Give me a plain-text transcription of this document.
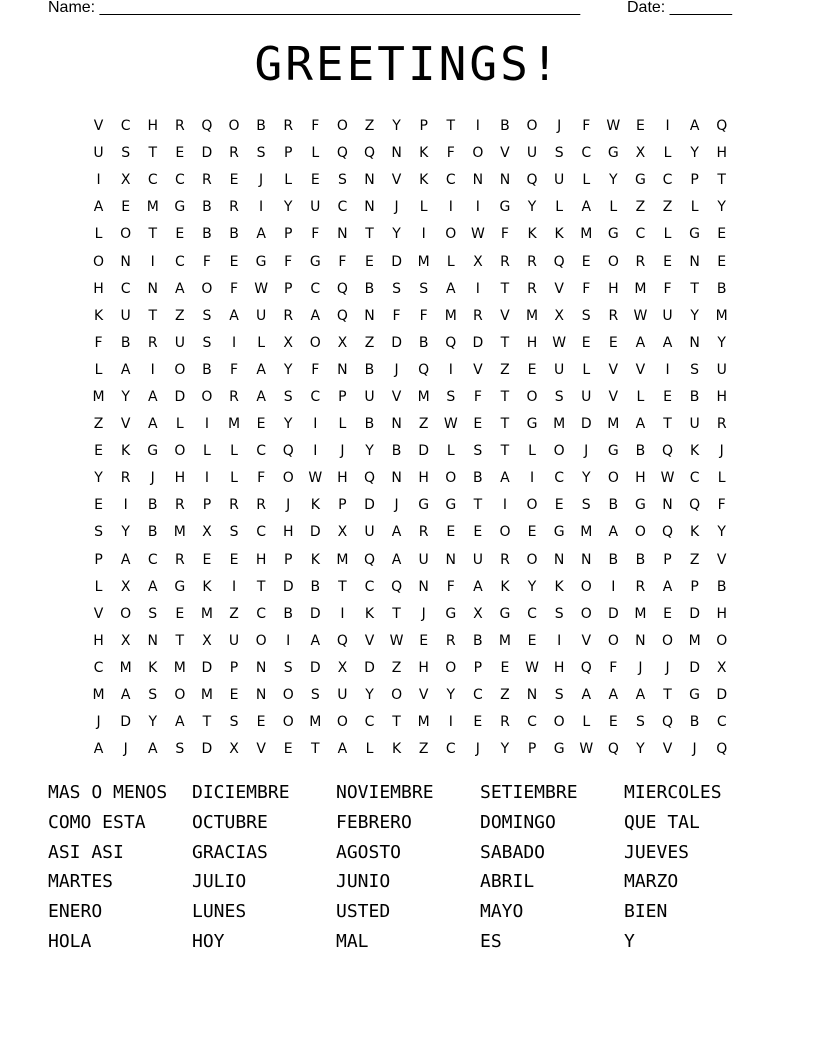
Name: ______________________________________________________	Date: _______
GREETINGS!
V	C	H	R	Q	O	B	R	F	O	Z	Y	P	T	I	B	O	J	F	W	E	I	A	Q
U	S	T	E	D	R	S	P	L	Q	Q	N	K	F	O	V	U	S	C	G	X	L	Y	H
I	X	C	C	R	E	J	L	E	S	N	V	K	C	N	N	Q	U	L	Y	G	C	P	T
A	E	M	G	B	R	I	Y	U	C	N	J	L	I	I	G	Y	L	A	L	Z	Z	L	Y
L	O	T	E	B	B	A	P	F	N	T	Y	I	O	W	F	K	K	M	G	C	L	G	E
O	N	I	C	F	E	G	F	G	F	E	D	M	L	X	R	R	Q	E	O	R	E	N	E
H	C	N	A	O	F	W	P	C	Q	B	S	S	A	I	T	R	V	F	H	M	F	T	B
K	U	T	Z	S	A	U	R	A	Q	N	F	F	M	R	V	M	X	S	R	W	U	Y	M
F	B	R	U	S	I	L	X	O	X	Z	D	B	Q	D	T	H	W	E	E	A	A	N	Y
L	A	I	O	B	F	A	Y	F	N	B	J	Q	I	V	Z	E	U	L	V	V	I	S	U
M	Y	A	D	O	R	A	S	C	P	U	V	M	S	F	T	O	S	U	V	L	E	B	H
Z	V	A	L	I	M	E	Y	I	L	B	N	Z	W	E	T	G	M	D	M	A	T	U	R
E	K	G	O	L	L	C	Q	I	J	Y	B	D	L	S	T	L	O	J	G	B	Q	K	J
Y	R	J	H	I	L	F	O	W	H	Q	N	H	O	B	A	I	C	Y	O	H	W	C	L
E	I	B	R	P	R	R	J	K	P	D	J	G	G	T	I	O	E	S	B	G	N	Q	F
S	Y	B	M	X	S	C	H	D	X	U	A	R	E	E	O	E	G	M	A	O	Q	K	Y
P	A	C	R	E	E	H	P	K	M	Q	A	U	N	U	R	O	N	N	B	B	P	Z	V
L	X	A	G	K	I	T	D	B	T	C	Q	N	F	A	K	Y	K	O	I	R	A	P	B
V	O	S	E	M	Z	C	B	D	I	K	T	J	G	X	G	C	S	O	D	M	E	D	H
H	X	N	T	X	U	O	I	A	Q	V	W	E	R	B	M	E	I	V	O	N	O	M	O
C	M	K	M	D	P	N	S	D	X	D	Z	H	O	P	E	W	H	Q	F	J	J	D	X
M	A	S	O	M	E	N	O	S	U	Y	O	V	Y	C	Z	N	S	A	A	A	T	G	D
J	D	Y	A	T	S	E	O	M	O	C	T	M	I	E	R	C	O	L	E	S	Q	B	C
A	J	A	S	D	X	V	E	T	A	L	K	Z	C	J	Y	P	G	W	Q	Y	V	J	Q
MAS O MENOS	DICIEMBRE	NOVIEMBRE	SETIEMBRE	MIERCOLES
COMO ESTA	OCTUBRE	FEBRERO	DOMINGO	QUE TAL
ASI ASI	GRACIAS	AGOSTO	SABADO	JUEVES
MARTES	JULIO	JUNIO	ABRIL	MARZO
ENERO	LUNES	USTED	MAYO	BIEN
HOLA	HOY	MAL	ES	Y
